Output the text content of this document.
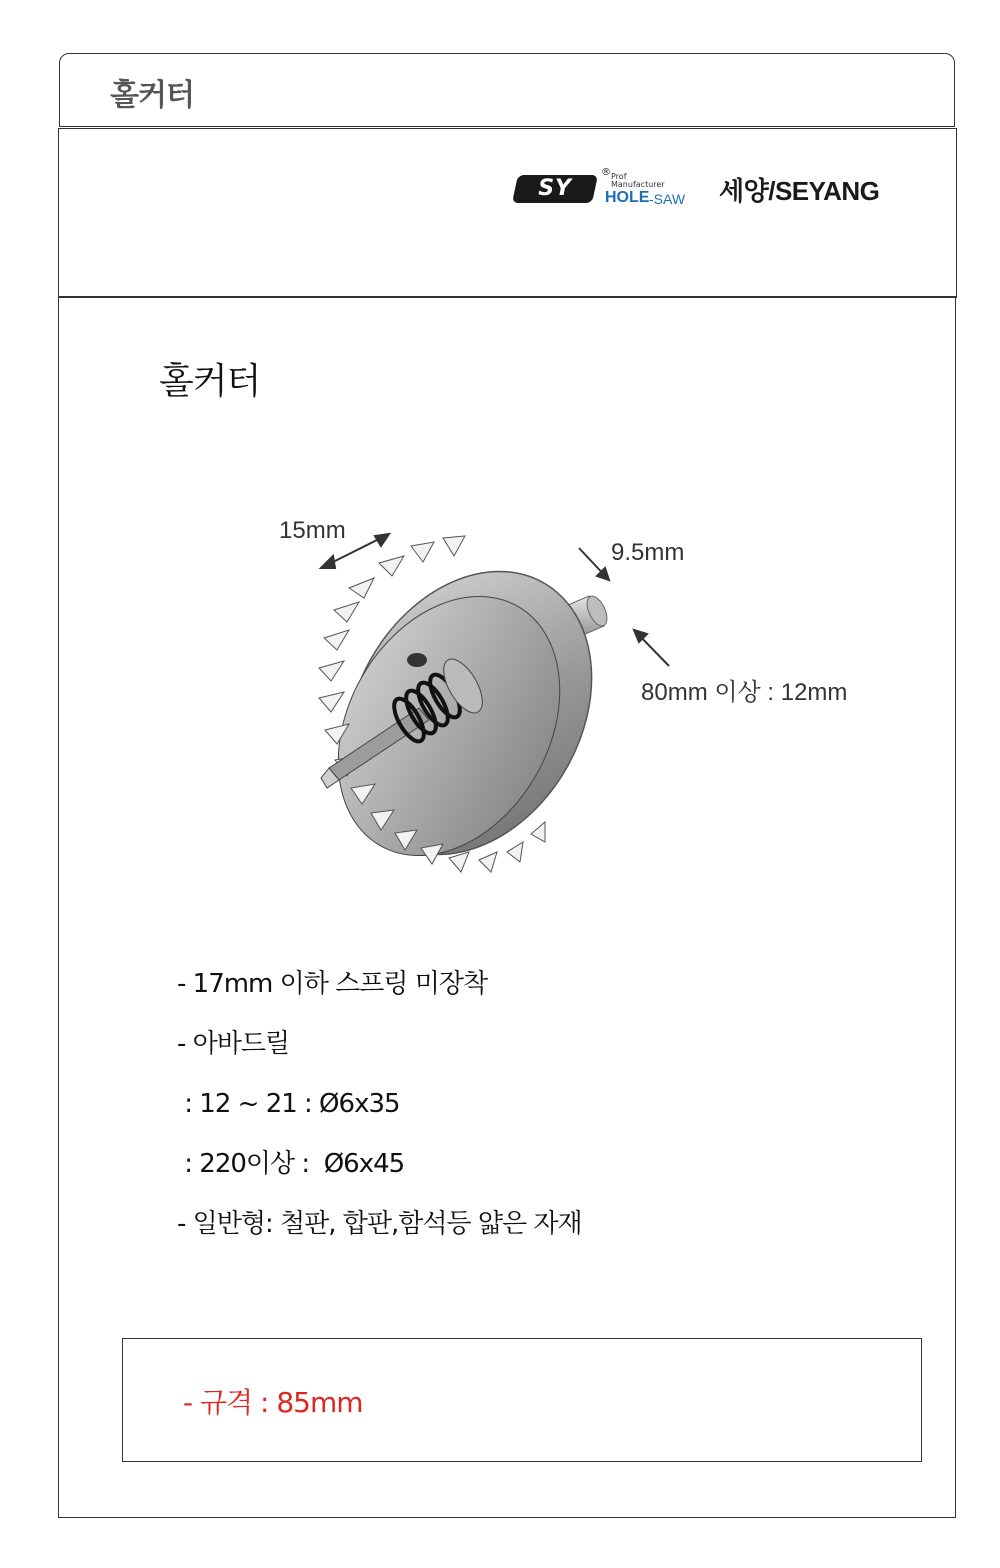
홀커터
SY
® Prof
Manufacturer
HOLE -SAW 세양/SEYANG
홀커터
15mm
9.5mm
80mm 이상 : 12mm
- 17mm 이하 스프링 미장착
- 아바드릴
: 12 ~ 21 : Ø6x35
: 220이상 :  Ø6x45
- 일반형: 철판, 합판,함석등 얇은 자재
- 규격 : 85mm
